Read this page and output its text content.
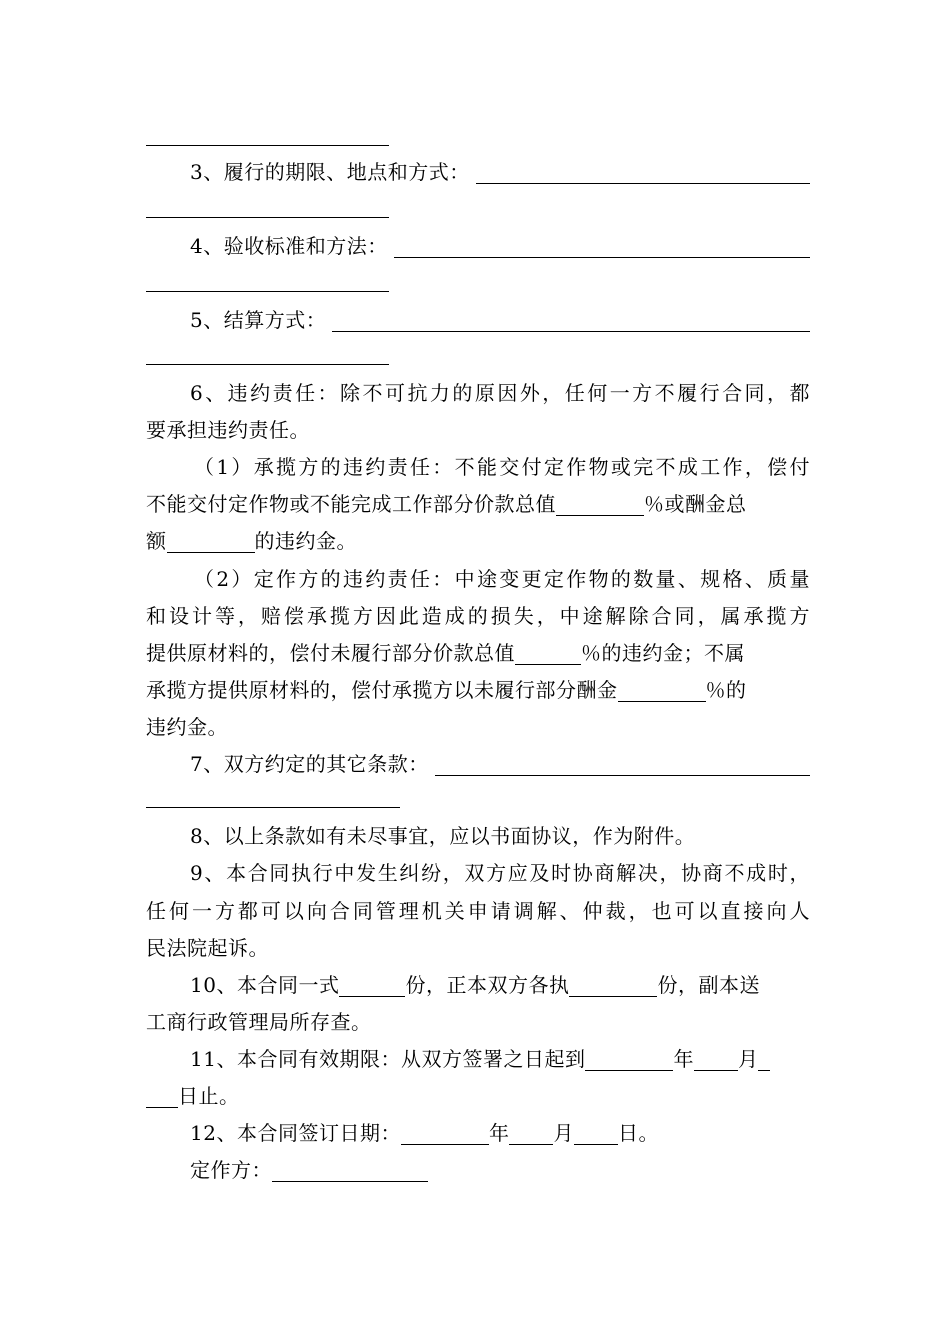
3、履行的期限、地点和方式：
4、验收标准和方法：
5、结算方式：
6、违约责任：除不可抗力的原因外，任何一方不履行合同，都
要承担违约责任。
（1）承揽方的违约责任：不能交付定作物或完不成工作，偿付
不能交付定作物或不能完成工作部分价款总值	％或酬金总
额	的违约金。
（2）定作方的违约责任：中途变更定作物的数量、规格、质量
和设计等，赔偿承揽方因此造成的损失，中途解除合同，属承揽方
提供原材料的，偿付未履行部分价款总值	％的违约金；不属
承揽方提供原材料的，偿付承揽方以未履行部分酬金	％的
违约金。
7、双方约定的其它条款：
8、以上条款如有未尽事宜，应以书面协议，作为附件。
9、本合同执行中发生纠纷，双方应及时协商解决，协商不成时，
任何一方都可以向合同管理机关申请调解、仲裁，也可以直接向人
民法院起诉。
10、本合同一式	份，正本双方各执	份，副本送
工商行政管理局所存查。
11、本合同有效期限：从双方签署之日起到	年 月
日止。
12、本合同签订日期：	年 月 日。
定作方：
